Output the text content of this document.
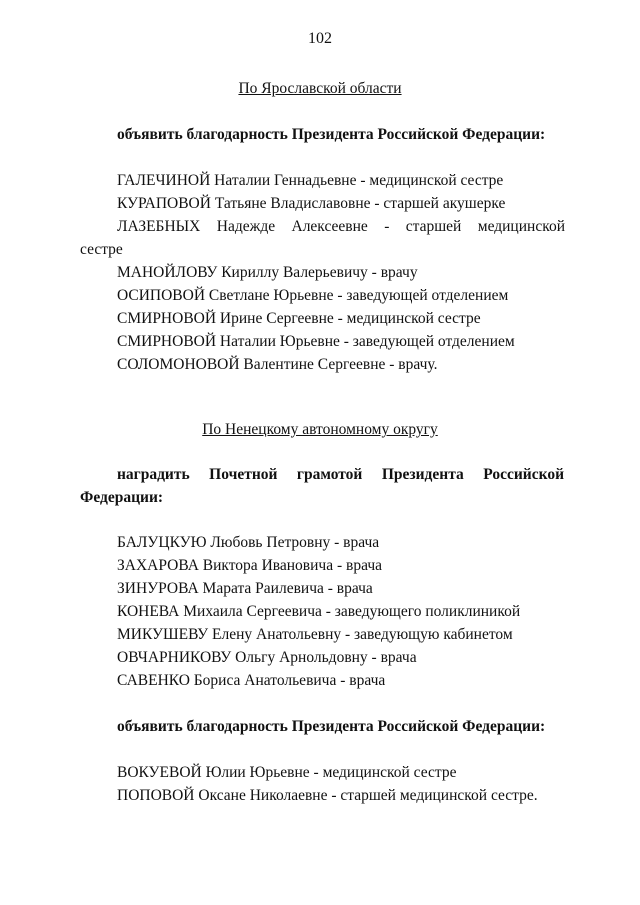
102
По Ярославской области
объявить благодарность Президента Российской Федерации:
ГАЛЕЧИНОЙ Наталии Геннадьевне - медицинской сестре
КУРАПОВОЙ Татьяне Владиславовне - старшей акушерке
ЛАЗЕБНЫХ Надежде Алексеевне - старшей медицинской
сестре
МАНОЙЛОВУ Кириллу Валерьевичу - врачу
ОСИПОВОЙ Светлане Юрьевне - заведующей отделением
СМИРНОВОЙ Ирине Сергеевне - медицинской сестре
СМИРНОВОЙ Наталии Юрьевне - заведующей отделением
СОЛОМОНОВОЙ Валентине Сергеевне - врачу.
По Ненецкому автономному округу
наградить Почетной грамотой Президента Российской
Федерации:
БАЛУЦКУЮ Любовь Петровну - врача
ЗАХАРОВА Виктора Ивановича - врача
ЗИНУРОВА Марата Раилевича - врача
КОНЕВА Михаила Сергеевича - заведующего поликлиникой
МИКУШЕВУ Елену Анатольевну - заведующую кабинетом
ОВЧАРНИКОВУ Ольгу Арнольдовну - врача
САВЕНКО Бориса Анатольевича - врача
объявить благодарность Президента Российской Федерации:
ВОКУЕВОЙ Юлии Юрьевне - медицинской сестре
ПОПОВОЙ Оксане Николаевне - старшей медицинской сестре.
